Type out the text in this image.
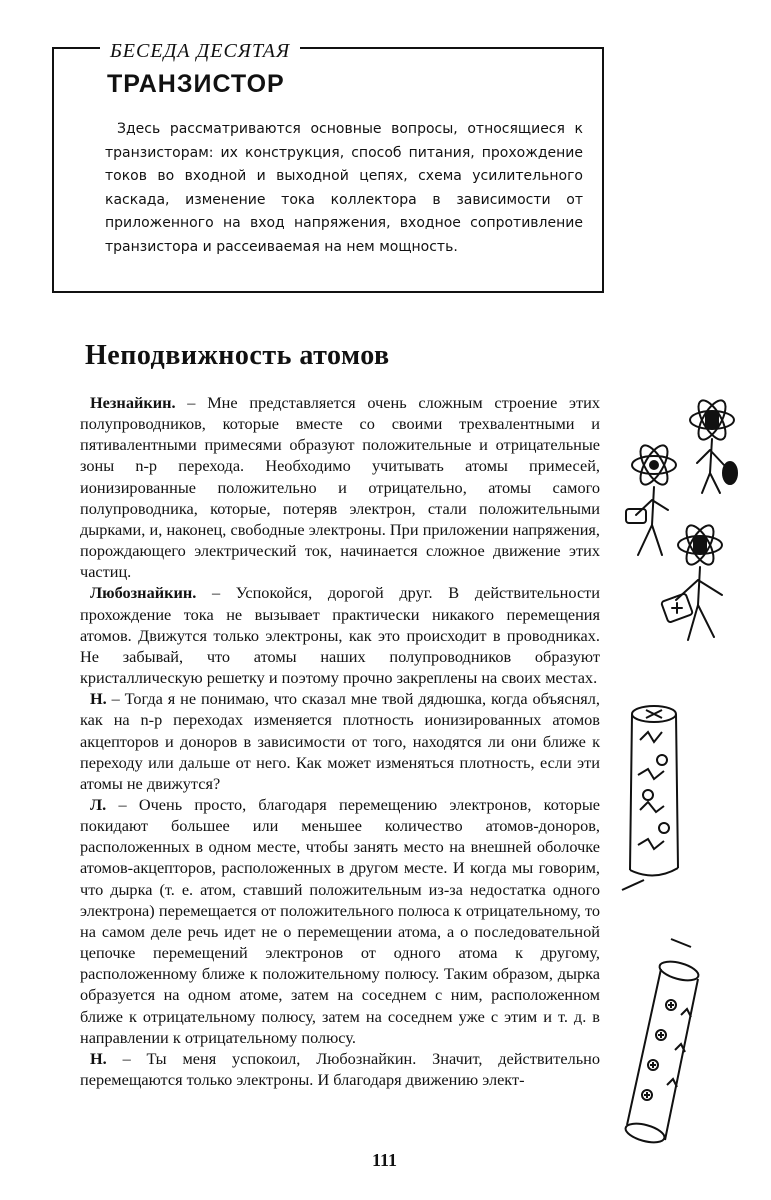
БЕСЕДА ДЕСЯТАЯ
ТРАНЗИСТОР

Здесь рассматриваются основные вопросы, относящиеся к транзисторам: их конструкция, способ питания, прохождение токов во входной и выходной цепях, схема усилительного каскада, изменение тока коллектора в зависимости от приложенного на вход напряжения, входное сопротивление транзистора и рассеиваемая на нем мощность.

Неподвижность атомов

Незнайкин. – Мне представляется очень сложным строение этих полупроводников, которые вместе со своими трехвалентными и пятивалентными примесями образуют положительные и отрицательные зоны n-p перехода. Необходимо учитывать атомы примесей, ионизированные положительно и отрицательно, атомы самого полупроводника, которые, потеряв электрон, стали положительными дырками, и, наконец, свободные электроны. При приложении напряжения, порождающего электрический ток, начинается сложное движение этих частиц.

Любознайкин. – Успокойся, дорогой друг. В действительности прохождение тока не вызывает практически никакого перемещения атомов. Движутся только электроны, как это происходит в проводниках. Не забывай, что атомы наших полупроводников образуют кристаллическую решетку и поэтому прочно закреплены на своих местах.

Н. – Тогда я не понимаю, что сказал мне твой дядюшка, когда объяснял, как на n-p переходах изменяется плотность ионизированных атомов акцепторов и доноров в зависимости от того, находятся ли они ближе к переходу или дальше от него. Как может изменяться плотность, если эти атомы не движутся?

Л. – Очень просто, благодаря перемещению электронов, которые покидают большее или меньшее количество атомов-доноров, расположенных в одном месте, чтобы занять место на внешней оболочке атомов-акцепторов, расположенных в другом месте. И когда мы говорим, что дырка (т. е. атом, ставший положительным из-за недостатка одного электрона) перемещается от положительного полюса к отрицательному, то на самом деле речь идет не о перемещении атома, а о последовательной цепочке перемещений электронов от одного атома к другому, расположенному ближе к положительному полюсу. Таким образом, дырка образуется на одном атоме, затем на соседнем с ним, расположенном ближе к отрицательному полюсу, затем на соседнем уже с этим и т. д. в направлении к отрицательному полюсу.

Н. – Ты меня успокоил, Любознайкин. Значит, действительно перемещаются только электроны. И благодаря движению элект-

111
